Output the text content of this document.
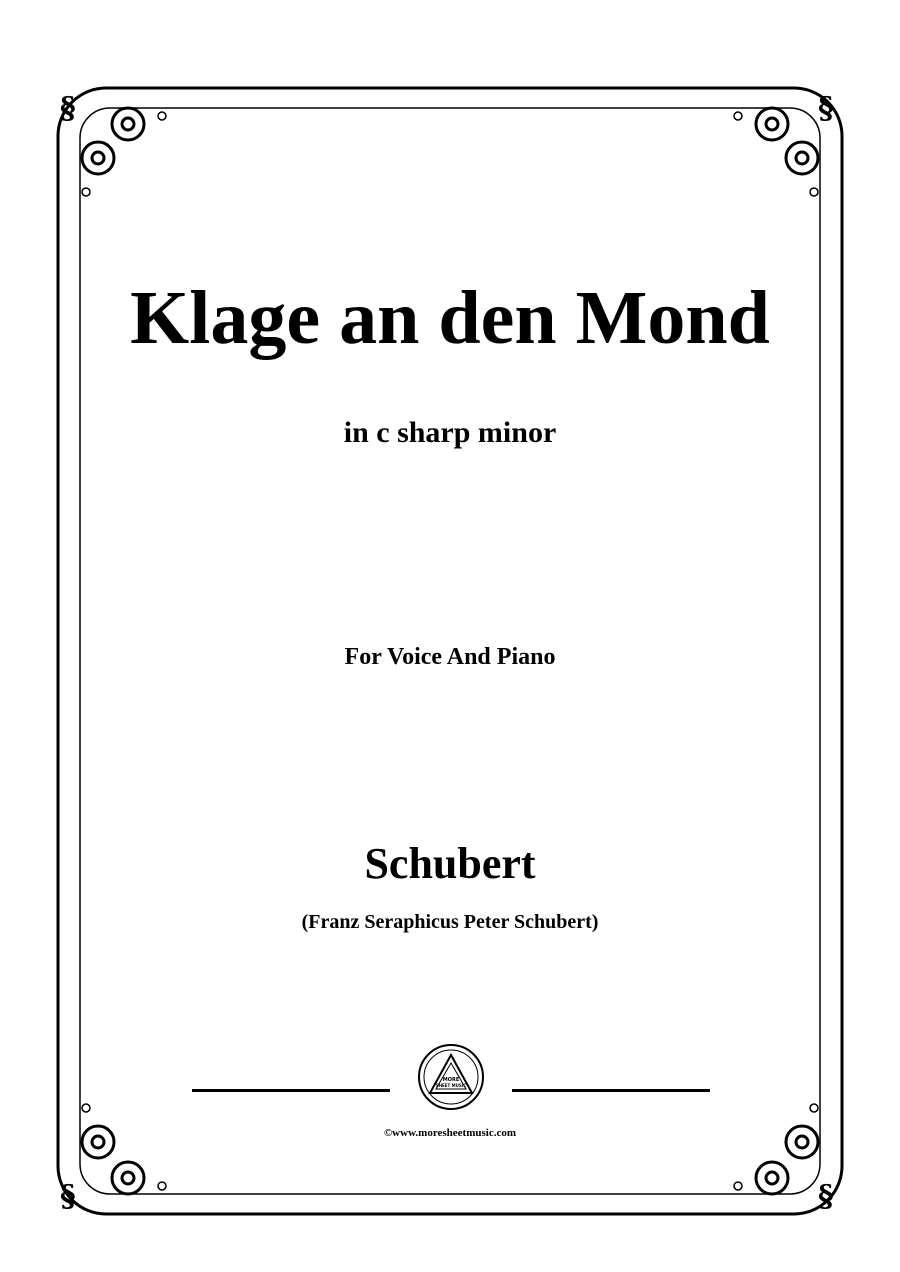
§	§
§	§
Klage an den Mond
in c sharp minor
For Voice And Piano
Schubert
(Franz Seraphicus Peter Schubert)
MORE
SHEET MUSIC
©www.moresheetmusic.com
